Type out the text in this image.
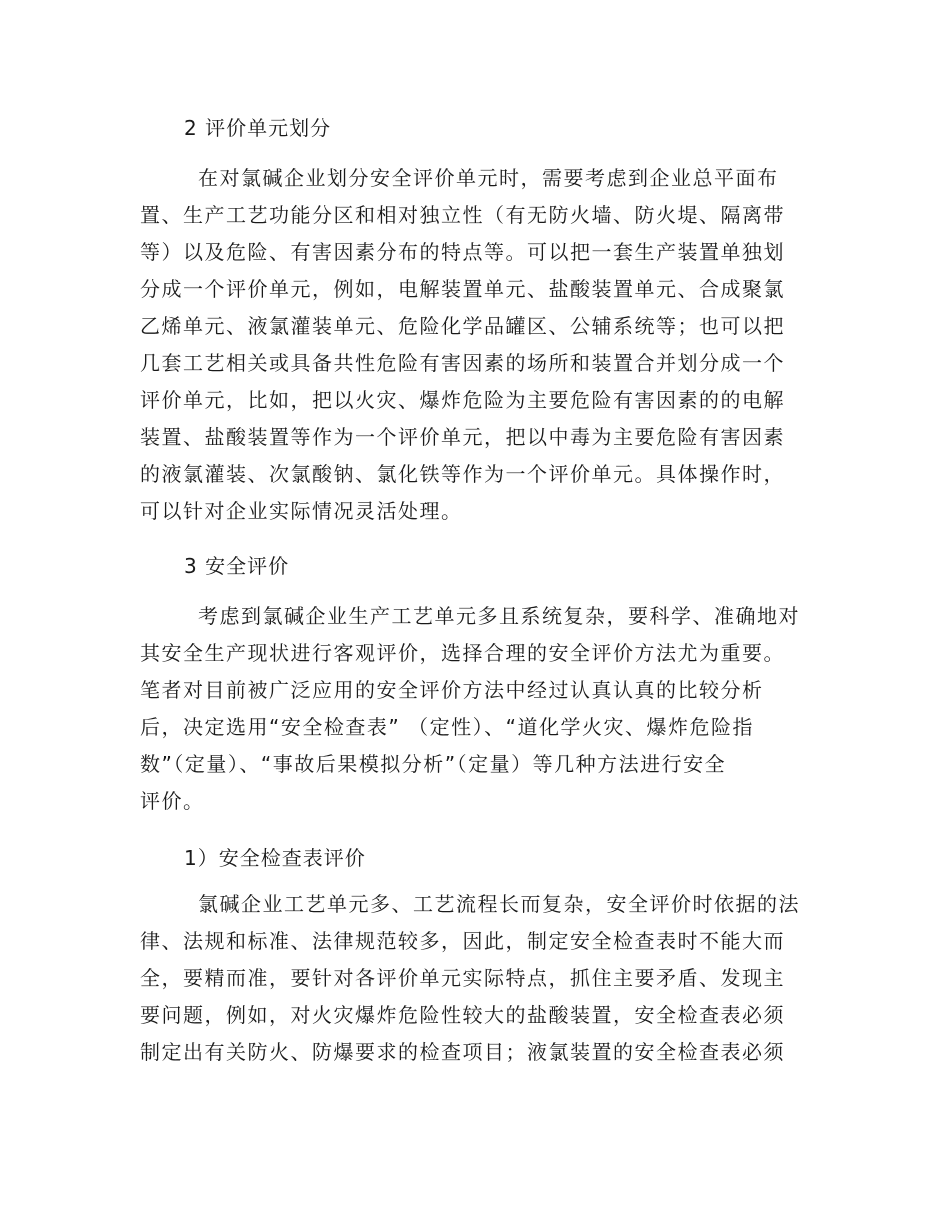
2 评价单元划分
在对氯碱企业划分安全评价单元时，需要考虑到企业总平面布
置、生产工艺功能分区和相对独立性（有无防火墙、防火堤、隔离带
等）以及危险、有害因素分布的特点等。可以把一套生产装置单独划
分成一个评价单元，例如，电解装置单元、盐酸装置单元、合成聚氯
乙烯单元、液氯灌装单元、危险化学品罐区、公辅系统等；也可以把
几套工艺相关或具备共性危险有害因素的场所和装置合并划分成一个
评价单元，比如，把以火灾、爆炸危险为主要危险有害因素的的电解
装置、盐酸装置等作为一个评价单元，把以中毒为主要危险有害因素
的液氯灌装、次氯酸钠、氯化铁等作为一个评价单元。具体操作时，
可以针对企业实际情况灵活处理。
3 安全评价
考虑到氯碱企业生产工艺单元多且系统复杂，要科学、准确地对
其安全生产现状进行客观评价，选择合理的安全评价方法尤为重要。
笔者对目前被广泛应用的安全评价方法中经过认真认真的比较分析
后，决定选用“安全检查表” （定性）、“道化学火灾、爆炸危险指
数”（定量）、“事故后果模拟分析”（定量）等几种方法进行安全
评价。
1）安全检查表评价
氯碱企业工艺单元多、工艺流程长而复杂，安全评价时依据的法
律、法规和标准、法律规范较多，因此，制定安全检查表时不能大而
全，要精而准，要针对各评价单元实际特点，抓住主要矛盾、发现主
要问题，例如，对火灾爆炸危险性较大的盐酸装置，安全检查表必须
制定出有关防火、防爆要求的检查项目；液氯装置的安全检查表必须
